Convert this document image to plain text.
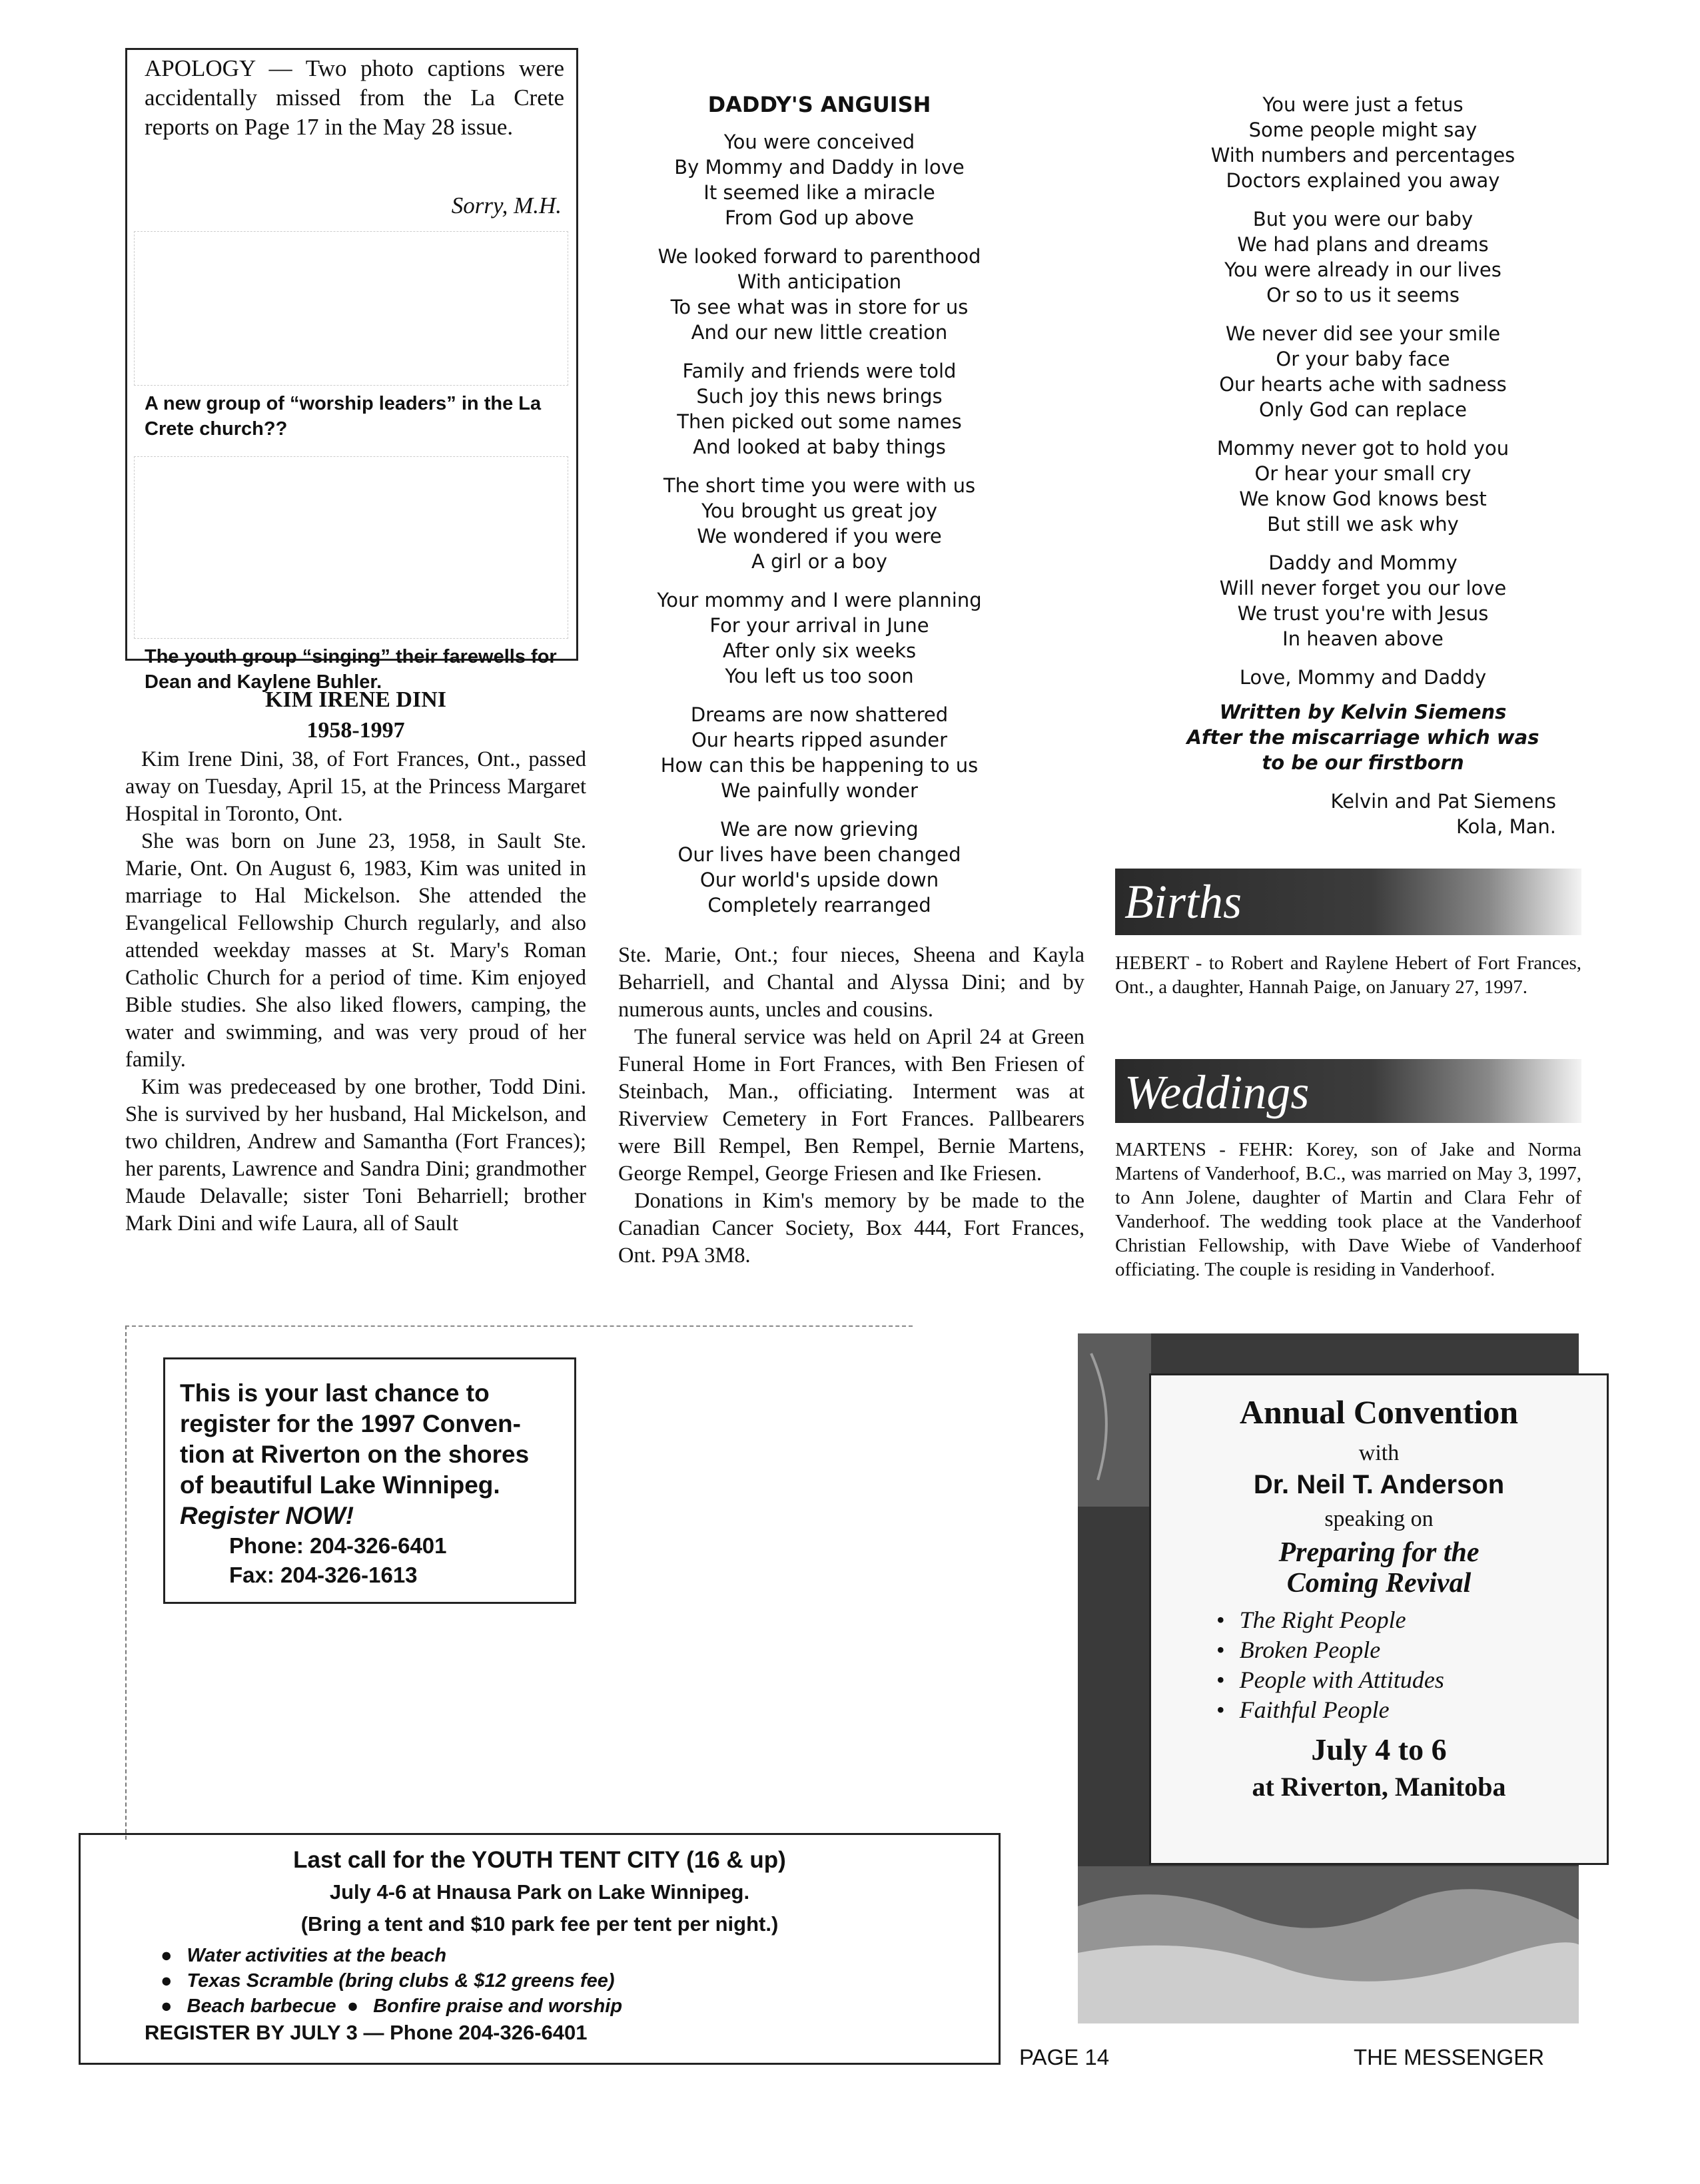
APOLOGY — Two photo captions were accidentally missed from the La Crete reports on Page 17 in the May 28 issue.
Sorry, M.H.
A new group of “worship leaders” in the La Crete church??
The youth group “singing” their farewells for Dean and Kaylene Buhler.
KIM IRENE DINI
1958-1997

Kim Irene Dini, 38, of Fort Frances, Ont., passed away on Tuesday, April 15, at the Princess Margaret Hospital in Toronto, Ont.

She was born on June 23, 1958, in Sault Ste. Marie, Ont. On August 6, 1983, Kim was united in marriage to Hal Mickelson. She attended the Evangelical Fellowship Church regularly, and also attended weekday masses at St. Mary's Roman Catholic Church for a period of time. Kim enjoyed Bible studies. She also liked flowers, camping, the water and swimming, and was very proud of her family.

Kim was predeceased by one brother, Todd Dini. She is survived by her husband, Hal Mickelson, and two children, Andrew and Samantha (Fort Frances); her parents, Lawrence and Sandra Dini; grandmother Maude Delavalle; sister Toni Beharriell; brother Mark Dini and wife Laura, all of Sault

DADDY'S ANGUISH
You were conceived
By Mommy and Daddy in love
It seemed like a miracle
From God up above
We looked forward to parenthood
With anticipation
To see what was in store for us
And our new little creation
Family and friends were told
Such joy this news brings
Then picked out some names
And looked at baby things
The short time you were with us
You brought us great joy
We wondered if you were
A girl or a boy
Your mommy and I were planning
For your arrival in June
After only six weeks
You left us too soon
Dreams are now shattered
Our hearts ripped asunder
How can this be happening to us
We painfully wonder
We are now grieving
Our lives have been changed
Our world's upside down
Completely rearranged

Ste. Marie, Ont.; four nieces, Sheena and Kayla Beharriell, and Chantal and Alyssa Dini; and by numerous aunts, uncles and cousins.

The funeral service was held on April 24 at Green Funeral Home in Fort Frances, with Ben Friesen of Steinbach, Man., officiating. Interment was at Riverview Cemetery in Fort Frances. Pallbearers were Bill Rempel, Ben Rempel, Bernie Martens, George Rempel, George Friesen and Ike Friesen.

Donations in Kim's memory by be made to the Canadian Cancer Society, Box 444, Fort Frances, Ont. P9A 3M8.

You were just a fetus
Some people might say
With numbers and percentages
Doctors explained you away
But you were our baby
We had plans and dreams
You were already in our lives
Or so to us it seems
We never did see your smile
Or your baby face
Our hearts ache with sadness
Only God can replace
Mommy never got to hold you
Or hear your small cry
We know God knows best
But still we ask why
Daddy and Mommy
Will never forget you our love
We trust you're with Jesus
In heaven above
Love, Mommy and Daddy
Written by Kelvin Siemens
After the miscarriage which was
to be our firstborn
Kelvin and Pat Siemens
Kola, Man.
Births
HEBERT - to Robert and Raylene Hebert of Fort Frances, Ont., a daughter, Hannah Paige, on January 27, 1997.
Weddings
MARTENS - FEHR: Korey, son of Jake and Norma Martens of Vanderhoof, B.C., was married on May 3, 1997, to Ann Jolene, daughter of Martin and Clara Fehr of Vanderhoof. The wedding took place at the Vanderhoof Christian Fellowship, with Dave Wiebe of Vanderhoof officiating. The couple is residing in Vanderhoof.
This is your last chance to
register for the 1997 Conven-
tion at Riverton on the shores
of beautiful Lake Winnipeg.
Register NOW!
Phone: 204-326-6401
Fax: 204-326-1613
Last call for the YOUTH TENT CITY (16 & up)
July 4-6 at Hnausa Park on Lake Winnipeg.
(Bring a tent and $10 park fee per tent per night.)
● Water activities at the beach
● Texas Scramble (bring clubs & $12 greens fee)
● Beach barbecue ● Bonfire praise and worship
REGISTER BY JULY 3 — Phone 204-326-6401
Annual Convention
with
Dr. Neil T. Anderson
speaking on
Preparing for the
Coming Revival
• The Right People
• Broken People
• People with Attitudes
• Faithful People
July 4 to 6
at Riverton, Manitoba
PAGE 14	THE MESSENGER
